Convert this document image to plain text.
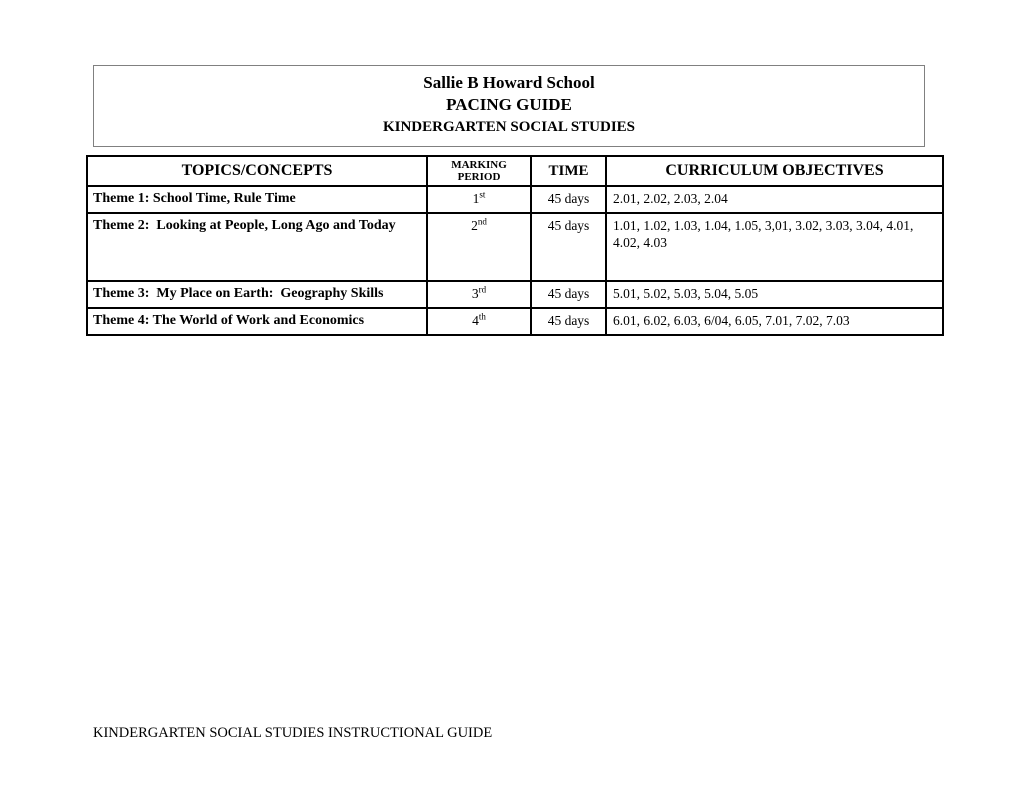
Sallie B Howard School
PACING GUIDE
KINDERGARTEN SOCIAL STUDIES
TOPICS/CONCEPTS	MARKING PERIOD	TIME	CURRICULUM OBJECTIVES
Theme 1: School Time, Rule Time	1st	45 days	2.01, 2.02, 2.03, 2.04
Theme 2:  Looking at People, Long Ago and Today	2nd	45 days	1.01, 1.02, 1.03, 1.04, 1.05, 3,01, 3.02, 3.03, 3.04, 4.01, 4.02, 4.03
Theme 3:  My Place on Earth:  Geography Skills	3rd	45 days	5.01, 5.02, 5.03, 5.04, 5.05
Theme 4: The World of Work and Economics	4th	45 days	6.01, 6.02, 6.03, 6/04, 6.05, 7.01, 7.02, 7.03
KINDERGARTEN SOCIAL STUDIES INSTRUCTIONAL GUIDE
